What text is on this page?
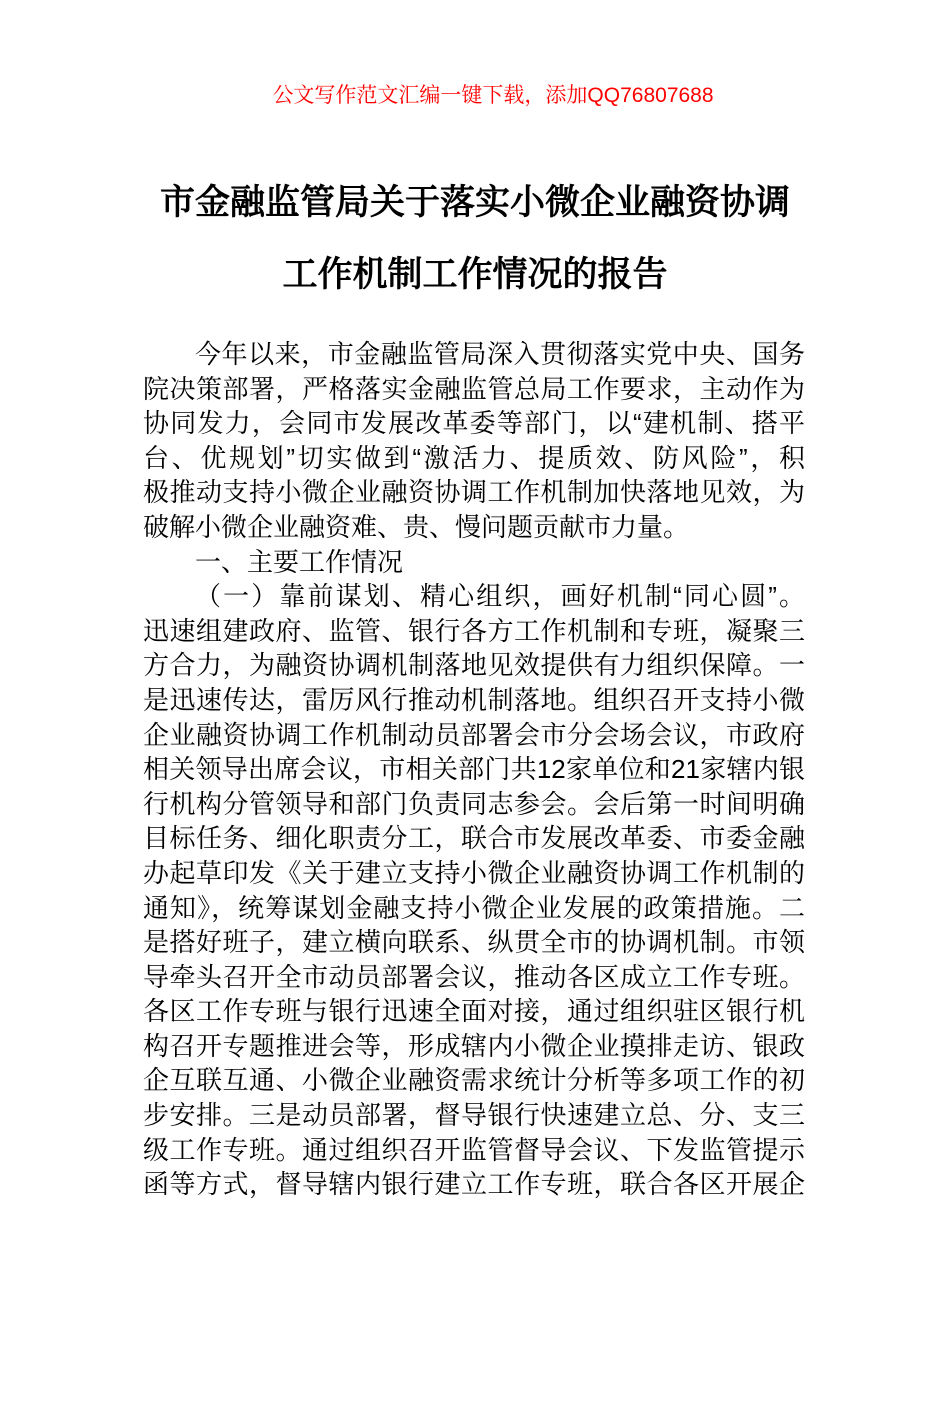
公文写作范文汇编一键下载，添加QQ76807688
市金融监管局关于落实小微企业融资协调
工作机制工作情况的报告

今年以来，市金融监管局深入贯彻落实党中央、国务
院决策部署，严格落实金融监管总局工作要求，主动作为
协同发力，会同市发展改革委等部门，以“建机制、搭平
台、优规划”切实做到“激活力、提质效、防风险”，积
极推动支持小微企业融资协调工作机制加快落地见效，为
破解小微企业融资难、贵、慢问题贡献市力量。

一、主要工作情况

（一）靠前谋划、精心组织，画好机制“同心圆”。
迅速组建政府、监管、银行各方工作机制和专班，凝聚三
方合力，为融资协调机制落地见效提供有力组织保障。一
是迅速传达，雷厉风行推动机制落地。组织召开支持小微
企业融资协调工作机制动员部署会市分会场会议，市政府
相关领导出席会议，市相关部门共12家单位和21家辖内银
行机构分管领导和部门负责同志参会。会后第一时间明确
目标任务、细化职责分工，联合市发展改革委、市委金融
办起草印发《关于建立支持小微企业融资协调工作机制的
通知》，统筹谋划金融支持小微企业发展的政策措施。二
是搭好班子，建立横向联系、纵贯全市的协调机制。市领
导牵头召开全市动员部署会议，推动各区成立工作专班。
各区工作专班与银行迅速全面对接，通过组织驻区银行机
构召开专题推进会等，形成辖内小微企业摸排走访、银政
企互联互通、小微企业融资需求统计分析等多项工作的初
步安排。三是动员部署，督导银行快速建立总、分、支三
级工作专班。通过组织召开监管督导会议、下发监管提示
函等方式，督导辖内银行建立工作专班，联合各区开展企
